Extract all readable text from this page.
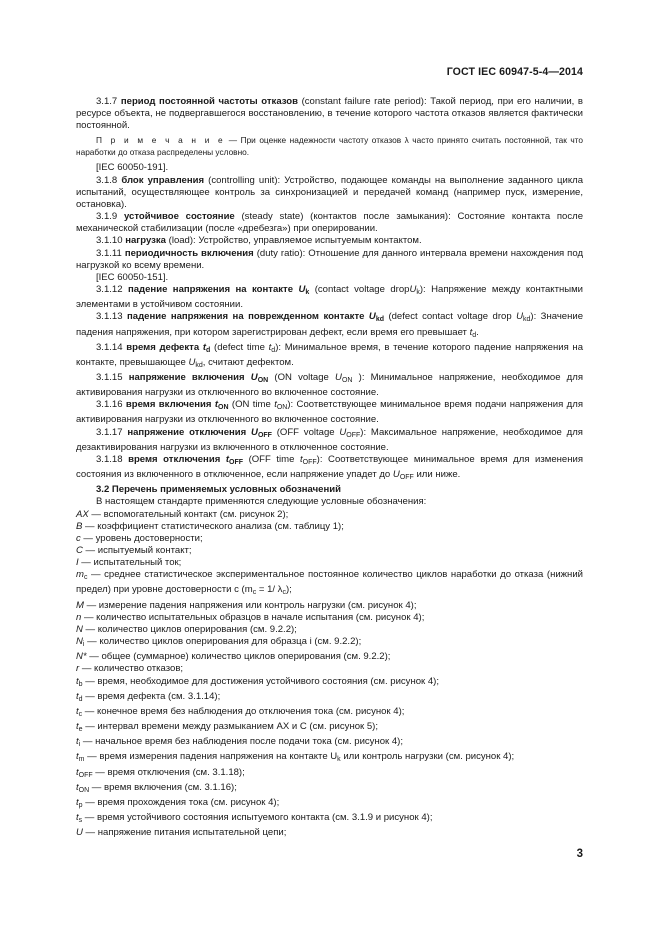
ГОСТ IEC 60947-5-4—2014

3.1.7 период постоянной частоты отказов (constant failure rate period): Такой период, при его наличии, в ресурсе объекта, не подвергавшегося восстановлению, в течение которого частота отказов является фактически постоянной.

П р и м е ч а н и е — При оценке надежности частоту отказов λ часто принято считать постоянной, так что наработки до отказа распределены условно.

[IEC 60050-191].

3.1.8 блок управления (controlling unit): Устройство, подающее команды на выполнение заданного цикла испытаний, осуществляющее контроль за синхронизацией и передачей команд (например пуск, измерение, остановка).

3.1.9 устойчивое состояние (steady state) (контактов после замыкания): Состояние контакта после механической стабилизации (после «дребезга») при оперировании.

3.1.10 нагрузка (load): Устройство, управляемое испытуемым контактом.

3.1.11 периодичность включения (duty ratio): Отношение для данного интервала времени нахождения под нагрузкой ко всему времени.

[IEC 60050-151].

3.1.12 падение напряжения на контакте $U_k$ (contact voltage dropU$_k$): Напряжение между контактными элементами в устойчивом состоянии.

3.1.13 падение напряжения на поврежденном контакте $U_{kd}$ (defect contact voltage drop $U_{kd}$): Значение падения напряжения, при котором зарегистрирован дефект, если время его превышает $t_d$.

3.1.14 время дефекта $t_d$ (defect time $t_d$): Минимальное время, в течение которого падение напряжения на контакте, превышающее $U_{kd}$, считают дефектом.

3.1.15 напряжение включения $U_{ON}$ (ON voltage $U_{ON}$ ): Минимальное напряжение, необходимое для активирования нагрузки из отключенного во включенное состояние.

3.1.16 время включения $t_{ON}$ (ON time $t_{ON}$): Соответствующее минимальное время подачи напряжения для активирования нагрузки из отключенного во включенное состояние.

3.1.17 напряжение отключения $U_{OFF}$ (OFF voltage $U_{OFF}$): Максимальное напряжение, необходимое для дезактивирования нагрузки из включенного в отключенное состояние.

3.1.18 время отключения $t_{OFF}$ (OFF time $t_{OFF}$): Соответствующее минимальное время для изменения состояния из включенного в отключенное, если напряжение упадет до $U_{OFF}$ или ниже.

3.2 Перечень применяемых условных обозначений

В настоящем стандарте применяются следующие условные обозначения:

AX — вспомогательный контакт (см. рисунок 2);
B — коэффициент статистического анализа (см. таблицу 1);
c — уровень достоверности;
C — испытуемый контакт;
I — испытательный ток;
$m_c$ — среднее статистическое экспериментальное постоянное количество циклов наработки до отказа (нижний предел) при уровне достоверности c ($m_c = 1/$ $\lambda_c$);
M — измерение падения напряжения или контроль нагрузки (см. рисунок 4);
n — количество испытательных образцов в начале испытания (см. рисунок 4);
N — количество циклов оперирования (см. 9.2.2);
$N_i$ — количество циклов оперирования для образца i (см. 9.2.2);
N* — общее (суммарное) количество циклов оперирования (см. 9.2.2);
r — количество отказов;
$t_b$ — время, необходимое для достижения устойчивого состояния (см. рисунок 4);
$t_d$ — время дефекта (см. 3.1.14);
$t_c$ — конечное время без наблюдения до отключения тока (см. рисунок 4);
$t_e$ — интервал времени между размыканием AX и C (см. рисунок 5);
$t_i$ — начальное время без наблюдения после подачи тока (см. рисунок 4);
$t_m$ — время измерения падения напряжения на контакте $U_k$ или контроль нагрузки (см. рисунок 4);
$t_{OFF}$ — время отключения (см. 3.1.18);
$t_{ON}$ — время включения (см. 3.1.16);
$t_p$ — время прохождения тока (см. рисунок 4);
$t_s$ — время устойчивого состояния испытуемого контакта (см. 3.1.9 и рисунок 4);
U — напряжение питания испытательной цепи;
3
